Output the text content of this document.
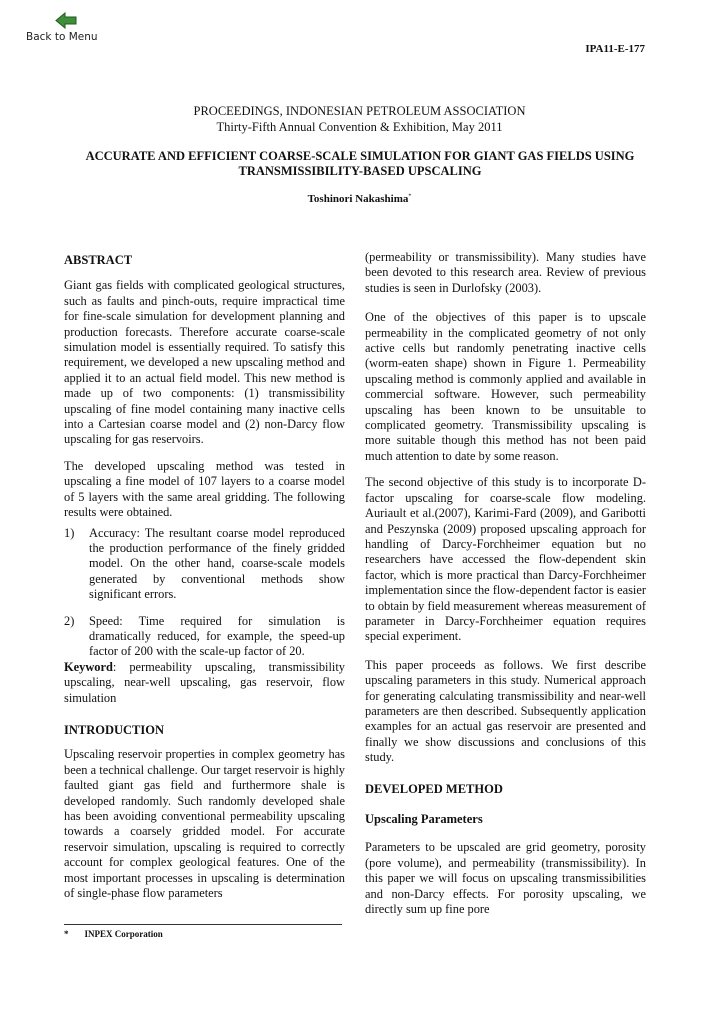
Back to Menu
IPA11-E-177
PROCEEDINGS, INDONESIAN PETROLEUM ASSOCIATION
Thirty-Fifth Annual Convention & Exhibition, May 2011
ACCURATE AND EFFICIENT COARSE-SCALE SIMULATION FOR GIANT GAS FIELDS USING
TRANSMISSIBILITY-BASED UPSCALING
Toshinori Nakashima*
ABSTRACT

Giant gas fields with complicated geological structures, such as faults and pinch-outs, require impractical time for fine-scale simulation for development planning and production forecasts. Therefore accurate coarse-scale simulation model is essentially required. To satisfy this requirement, we developed a new upscaling method and applied it to an actual field model. This new method is made up of two components: (1) transmissibility upscaling of fine model containing many inactive cells into a Cartesian coarse model and (2) non-Darcy flow upscaling for gas reservoirs.

The developed upscaling method was tested in upscaling a fine model of 107 layers to a coarse model of 5 layers with the same areal gridding. The following results were obtained.

1)	Accuracy: The resultant coarse model reproduced the production performance of the finely gridded model. On the other hand, coarse-scale models generated by conventional methods show significant errors.
2)	Speed: Time required for simulation is dramatically reduced, for example, the speed-up factor of 200 with the scale-up factor of 20.

Keyword: permeability upscaling, transmissibility upscaling, near-well upscaling, gas reservoir, flow simulation

INTRODUCTION

Upscaling reservoir properties in complex geometry has been a technical challenge. Our target reservoir is highly faulted giant gas field and furthermore shale is developed randomly. Such randomly developed shale has been avoiding conventional permeability upscaling towards a coarsely gridded model. For accurate reservoir simulation, upscaling is required to correctly account for complex geological features. One of the most important processes in upscaling is determination of single-phase flow parameters

(permeability or transmissibility). Many studies have been devoted to this research area. Review of previous studies is seen in Durlofsky (2003).

One of the objectives of this paper is to upscale permeability in the complicated geometry of not only active cells but randomly penetrating inactive cells (worm-eaten shape) shown in Figure 1. Permeability upscaling method is commonly applied and available in commercial software. However, such permeability upscaling has been known to be unsuitable to complicated geometry. Transmissibility upscaling is more suitable though this method has not been paid much attention to date by some reason.

The second objective of this study is to incorporate D-factor upscaling for coarse-scale flow modeling. Auriault et al.(2007), Karimi-Fard (2009), and Garibotti and Peszynska (2009) proposed upscaling approach for handling of Darcy-Forchheimer equation but no researchers have accessed the flow-dependent skin factor, which is more practical than Darcy-Forchheimer implementation since the flow-dependent factor is easier to obtain by field measurement whereas measurement of parameter in Darcy-Forchheimer equation requires special experiment.

This paper proceeds as follows. We first describe upscaling parameters in this study. Numerical approach for generating calculating transmissibility and near-well parameters are then described. Subsequently application examples for an actual gas reservoir are presented and finally we show discussions and conclusions of this study.

DEVELOPED METHOD
Upscaling Parameters

Parameters to be upscaled are grid geometry, porosity (pore volume), and permeability (transmissibility). In this paper we will focus on upscaling transmissibilities and non-Darcy effects. For porosity upscaling, we directly sum up fine pore

* INPEX Corporation
